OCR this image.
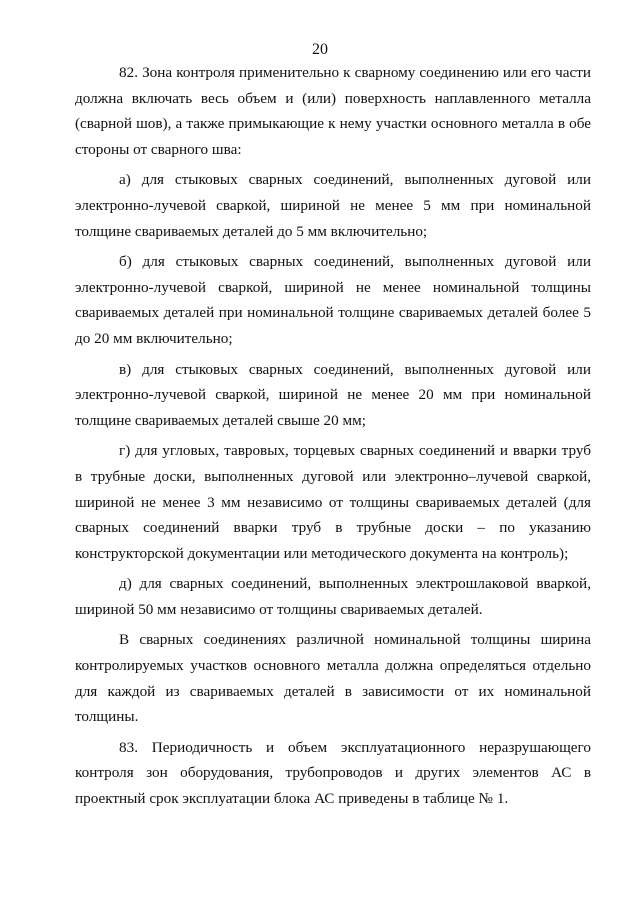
20

82. Зона контроля применительно к сварному соединению или его части должна включать весь объем и (или) поверхность наплавленного металла (сварной шов), а также примыкающие к нему участки основного металла в обе стороны от сварного шва:

а) для стыковых сварных соединений, выполненных дуговой или электронно-лучевой сваркой, шириной не менее 5 мм при номинальной толщине свариваемых деталей до 5 мм включительно;

б) для стыковых сварных соединений, выполненных дуговой или электронно-лучевой сваркой, шириной не менее номинальной толщины свариваемых деталей при номинальной толщине свариваемых деталей более 5 до 20 мм включительно;

в) для стыковых сварных соединений, выполненных дуговой или электронно-лучевой сваркой, шириной не менее 20 мм при номинальной толщине свариваемых деталей свыше 20 мм;

г) для угловых, тавровых, торцевых сварных соединений и вварки труб в трубные доски, выполненных дуговой или электронно–лучевой сваркой, шириной не менее 3 мм независимо от толщины свариваемых деталей (для сварных соединений вварки труб в трубные доски – по указанию конструкторской документации или методического документа на контроль);

д) для сварных соединений, выполненных электрошлаковой вваркой, шириной 50 мм независимо от толщины свариваемых деталей.

В сварных соединениях различной номинальной толщины ширина контролируемых участков основного металла должна определяться отдельно для каждой из свариваемых деталей в зависимости от их номинальной толщины.

83. Периодичность и объем эксплуатационного неразрушающего контроля зон оборудования, трубопроводов и других элементов АС в проектный срок эксплуатации блока АС приведены в таблице № 1.
